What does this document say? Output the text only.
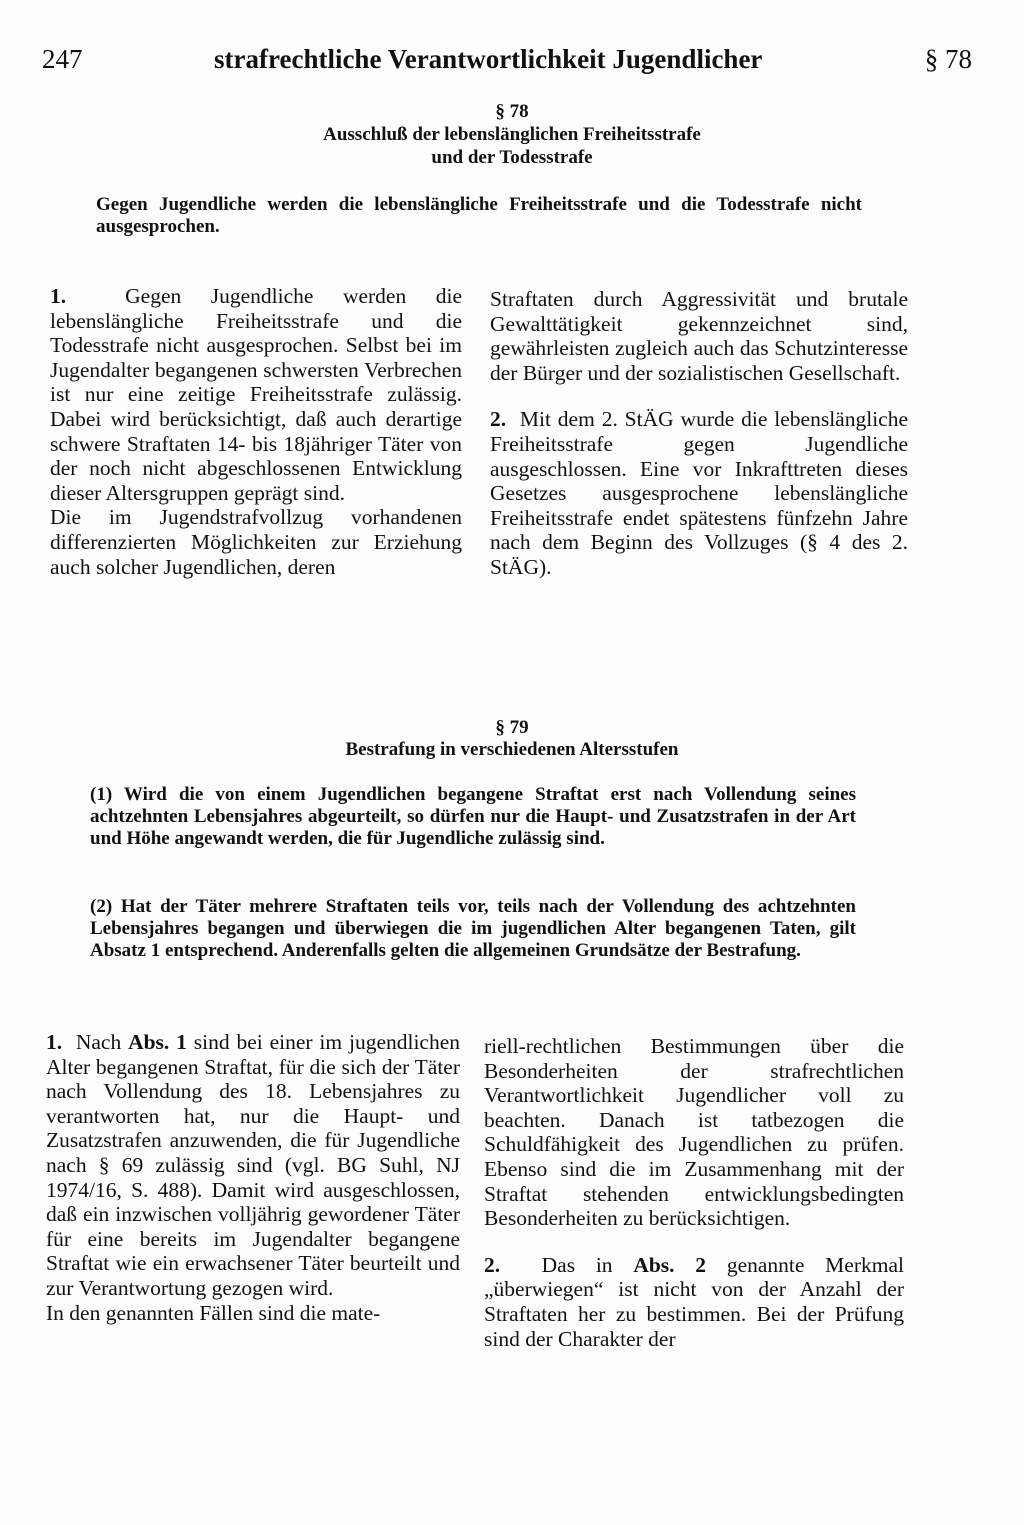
247	strafrechtliche Verantwortlichkeit Jugendlicher	§ 78
§ 78
Ausschluß der lebenslänglichen Freiheitsstrafe
und der Todesstrafe
Gegen Jugendliche werden die lebenslängliche Freiheitsstrafe und die Todesstrafe nicht ausgesprochen.

1.	Gegen Jugendliche werden die lebenslängliche Freiheitsstrafe und die Todesstrafe nicht ausgesprochen. Selbst bei im Jugendalter begangenen schwersten Verbrechen ist nur eine zeitige Freiheitsstrafe zulässig. Dabei wird berücksichtigt, daß auch derartige schwere Straftaten 14- bis 18jähriger Täter von der noch nicht abgeschlossenen Entwicklung dieser Altersgruppen geprägt sind.

Die im Jugendstrafvollzug vorhandenen differenzierten Möglichkeiten zur Erziehung auch solcher Jugendlichen, deren

Straftaten durch Aggressivität und brutale Gewalttätigkeit gekennzeichnet sind, gewährleisten zugleich auch das Schutzinteresse der Bürger und der sozialistischen Gesellschaft.

2. Mit dem 2. StÄG wurde die lebenslängliche Freiheitsstrafe gegen Jugendliche ausgeschlossen. Eine vor Inkrafttreten dieses Gesetzes ausgesprochene lebenslängliche Freiheitsstrafe endet spätestens fünfzehn Jahre nach dem Beginn des Vollzuges (§ 4 des 2. StÄG).

§ 79
Bestrafung in verschiedenen Altersstufen
(1) Wird die von einem Jugendlichen begangene Straftat erst nach Vollendung seines achtzehnten Lebensjahres abgeurteilt, so dürfen nur die Haupt- und Zusatzstrafen in der Art und Höhe angewandt werden, die für Jugendliche zulässig sind.
(2) Hat der Täter mehrere Straftaten teils vor, teils nach der Vollendung des achtzehnten Lebensjahres begangen und überwiegen die im jugendlichen Alter begangenen Taten, gilt Absatz 1 entsprechend. Anderenfalls gelten die allgemeinen Grundsätze der Bestrafung.

1. Nach Abs. 1 sind bei einer im jugendlichen Alter begangenen Straftat, für die sich der Täter nach Vollendung des 18. Lebensjahres zu verantworten hat, nur die Haupt- und Zusatzstrafen anzuwenden, die für Jugendliche nach § 69 zulässig sind (vgl. BG Suhl, NJ 1974/16, S. 488). Damit wird ausgeschlossen, daß ein inzwischen volljährig gewordener Täter für eine bereits im Jugendalter begangene Straftat wie ein erwachsener Täter beurteilt und zur Verantwortung gezogen wird.

In den genannten Fällen sind die mate-

riell-rechtlichen Bestimmungen über die Besonderheiten der strafrechtlichen Verantwortlichkeit Jugendlicher voll zu beachten. Danach ist tatbezogen die Schuldfähigkeit des Jugendlichen zu prüfen. Ebenso sind die im Zusammenhang mit der Straftat stehenden entwicklungsbedingten Besonderheiten zu berücksichtigen.

2. Das in Abs. 2 genannte Merkmal „überwiegen“ ist nicht von der Anzahl der Straftaten her zu bestimmen. Bei der Prüfung sind der Charakter der
